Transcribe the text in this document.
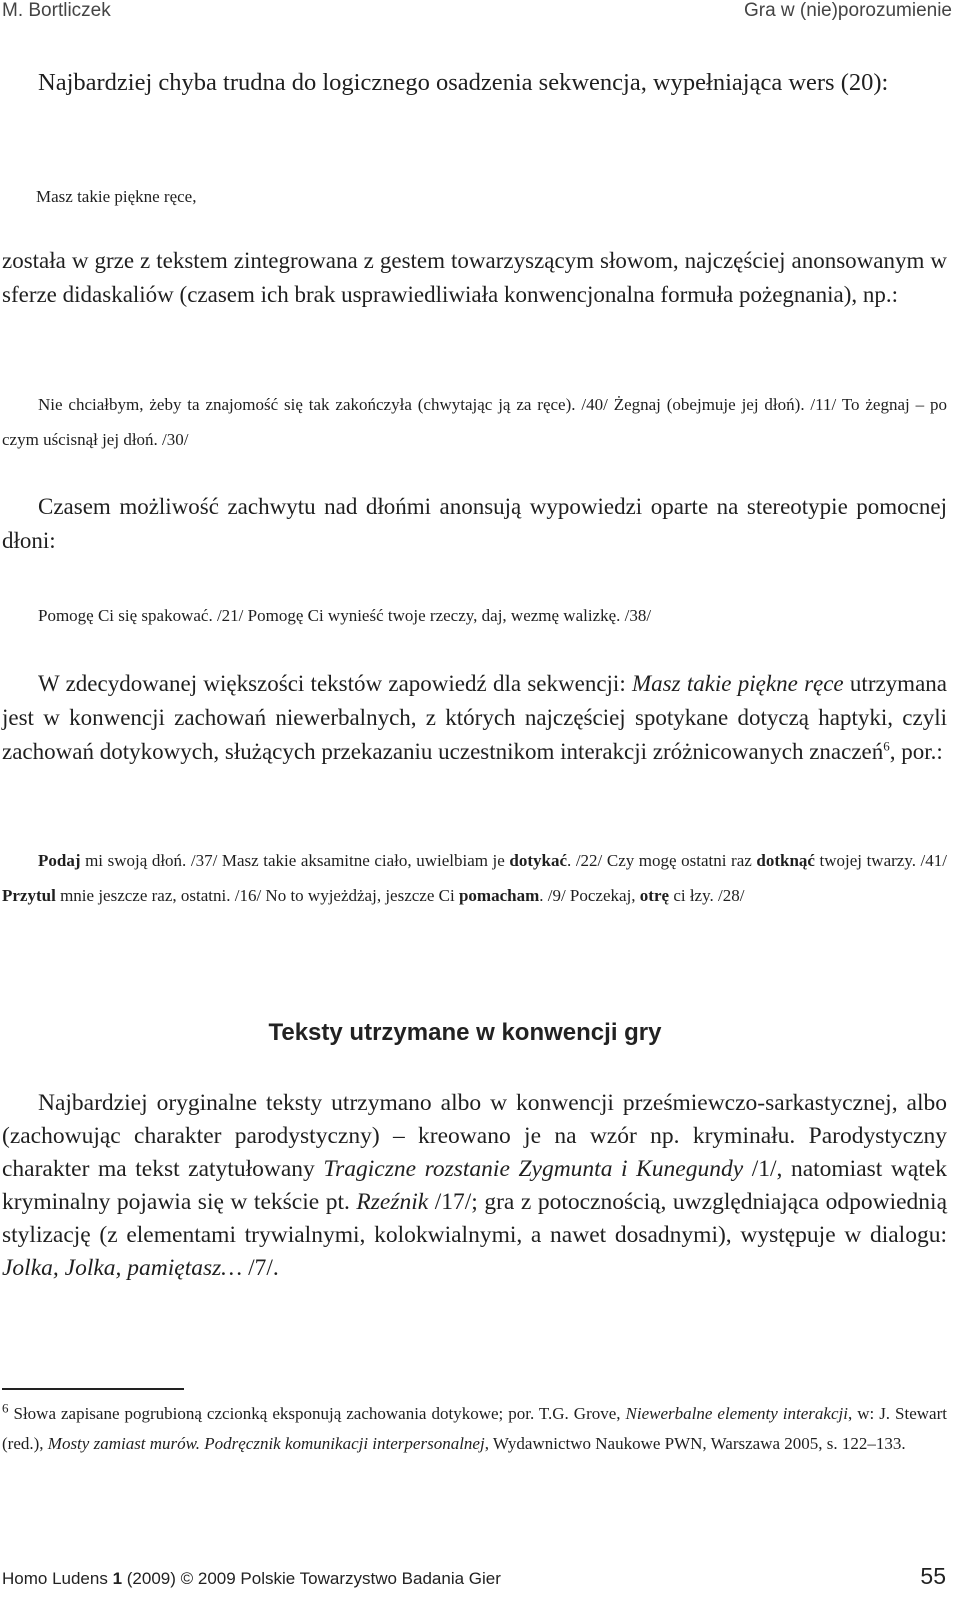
M. Bortliczek	Gra w (nie)porozumienie
Najbardziej chyba trudna do logicznego osadzenia sekwencja, wypełniająca wers (20):
Masz takie piękne ręce,
została w grze z tekstem zintegrowana z gestem towarzyszącym słowom, najczęściej anonsowanym w sferze didaskaliów (czasem ich brak usprawiedliwiała konwencjonalna formuła pożegnania), np.:
Nie chciałbym, żeby ta znajomość się tak zakończyła (chwytając ją za ręce). /40/ Żegnaj (obejmuje jej dłoń). /11/ To żegnaj – po czym uścisnął jej dłoń. /30/
Czasem możliwość zachwytu nad dłońmi anonsują wypowiedzi oparte na stereotypie pomocnej dłoni:
Pomogę Ci się spakować. /21/ Pomogę Ci wynieść twoje rzeczy, daj, wezmę walizkę. /38/
W zdecydowanej większości tekstów zapowiedź dla sekwencji: Masz takie piękne ręce utrzymana jest w konwencji zachowań niewerbalnych, z których najczęściej spotykane dotyczą haptyki, czyli zachowań dotykowych, służących przekazaniu uczestnikom interakcji zróżnicowanych znaczeń$^6$, por.:
Podaj mi swoją dłoń. /37/ Masz takie aksamitne ciało, uwielbiam je dotykać. /22/ Czy mogę ostatni raz dotknąć twojej twarzy. /41/ Przytul mnie jeszcze raz, ostatni. /16/ No to wyjeżdżaj, jeszcze Ci pomacham. /9/ Poczekaj, otrę ci łzy. /28/
Teksty utrzymane w konwencji gry
Najbardziej oryginalne teksty utrzymano albo w konwencji prześmiewczo-sarkastycznej, albo (zachowując charakter parodystyczny) – kreowano je na wzór np. kryminału. Parodystyczny charakter ma tekst zatytułowany Tragiczne rozstanie Zygmunta i Kunegundy /1/, natomiast wątek kryminalny pojawia się w tekście pt. Rzeźnik /17/; gra z potocznością, uwzględniająca odpowiednią stylizację (z elementami trywialnymi, kolokwialnymi, a nawet dosadnymi), występuje w dialogu: Jolka, Jolka, pamiętasz… /7/.
$^6$ Słowa zapisane pogrubioną czcionką eksponują zachowania dotykowe; por. T.G. Grove, Niewerbalne elementy interakcji, w: J. Stewart (red.), Mosty zamiast murów. Podręcznik komunikacji interpersonalnej, Wydawnictwo Naukowe PWN, Warszawa 2005, s. 122–133.
Homo Ludens 1 (2009) © 2009 Polskie Towarzystwo Badania Gier	55
